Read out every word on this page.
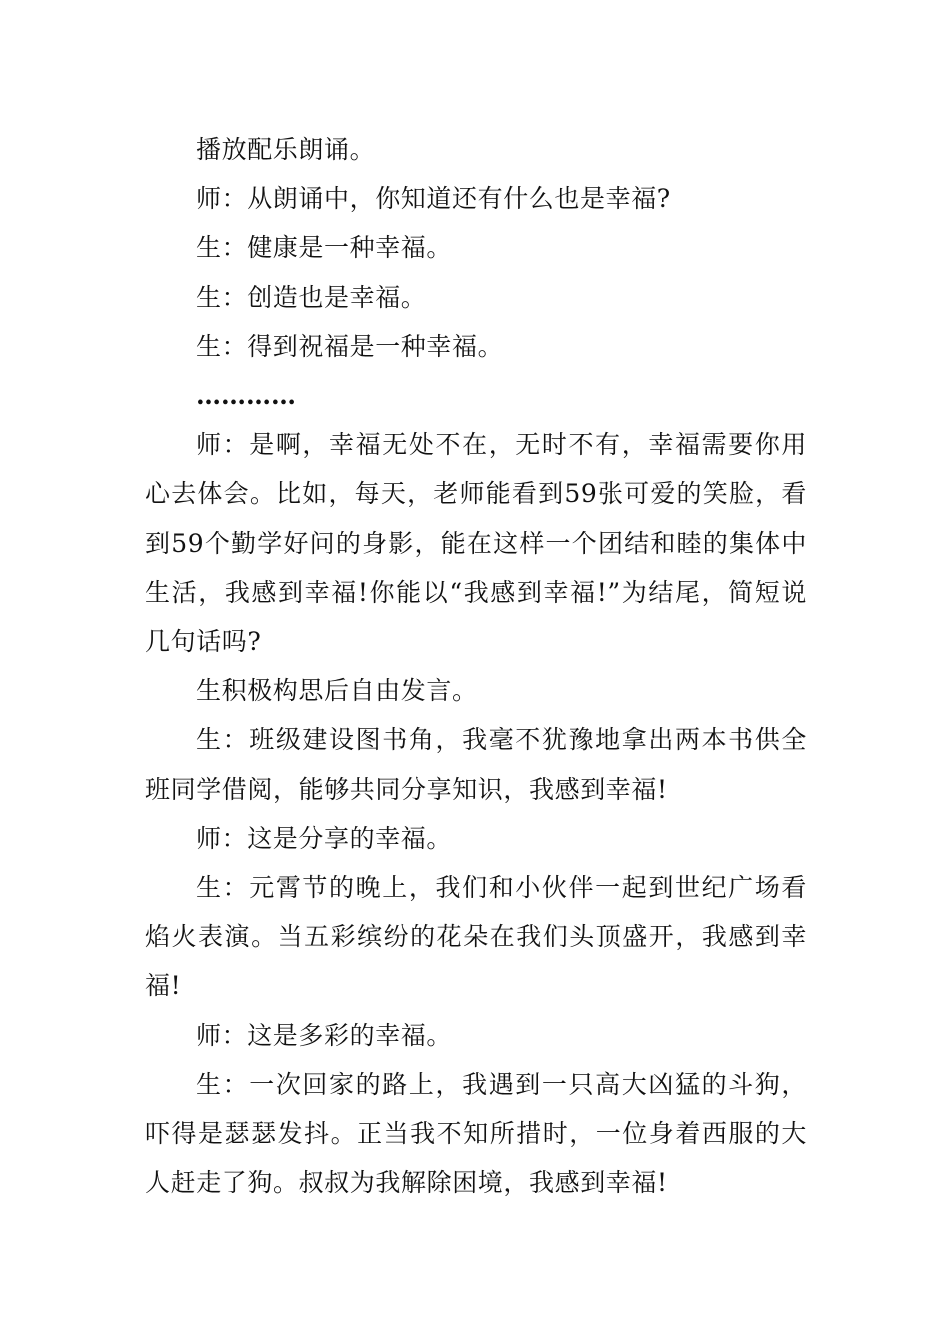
播放配乐朗诵。

师：从朗诵中，你知道还有什么也是幸福?

生：健康是一种幸福。

生：创造也是幸福。

生：得到祝福是一种幸福。

…………

师：是啊，幸福无处不在，无时不有，幸福需要你用心去体会。比如，每天，老师能看到59张可爱的笑脸，看到59个勤学好问的身影，能在这样一个团结和睦的集体中生活，我感到幸福!你能以“我感到幸福!”为结尾，简短说几句话吗?

生积极构思后自由发言。

生：班级建设图书角，我毫不犹豫地拿出两本书供全班同学借阅，能够共同分享知识，我感到幸福!

师：这是分享的幸福。

生：元霄节的晚上，我们和小伙伴一起到世纪广场看焰火表演。当五彩缤纷的花朵在我们头顶盛开，我感到幸福!

师：这是多彩的幸福。

生：一次回家的路上，我遇到一只高大凶猛的斗狗，吓得是瑟瑟发抖。正当我不知所措时，一位身着西服的大人赶走了狗。叔叔为我解除困境，我感到幸福!
